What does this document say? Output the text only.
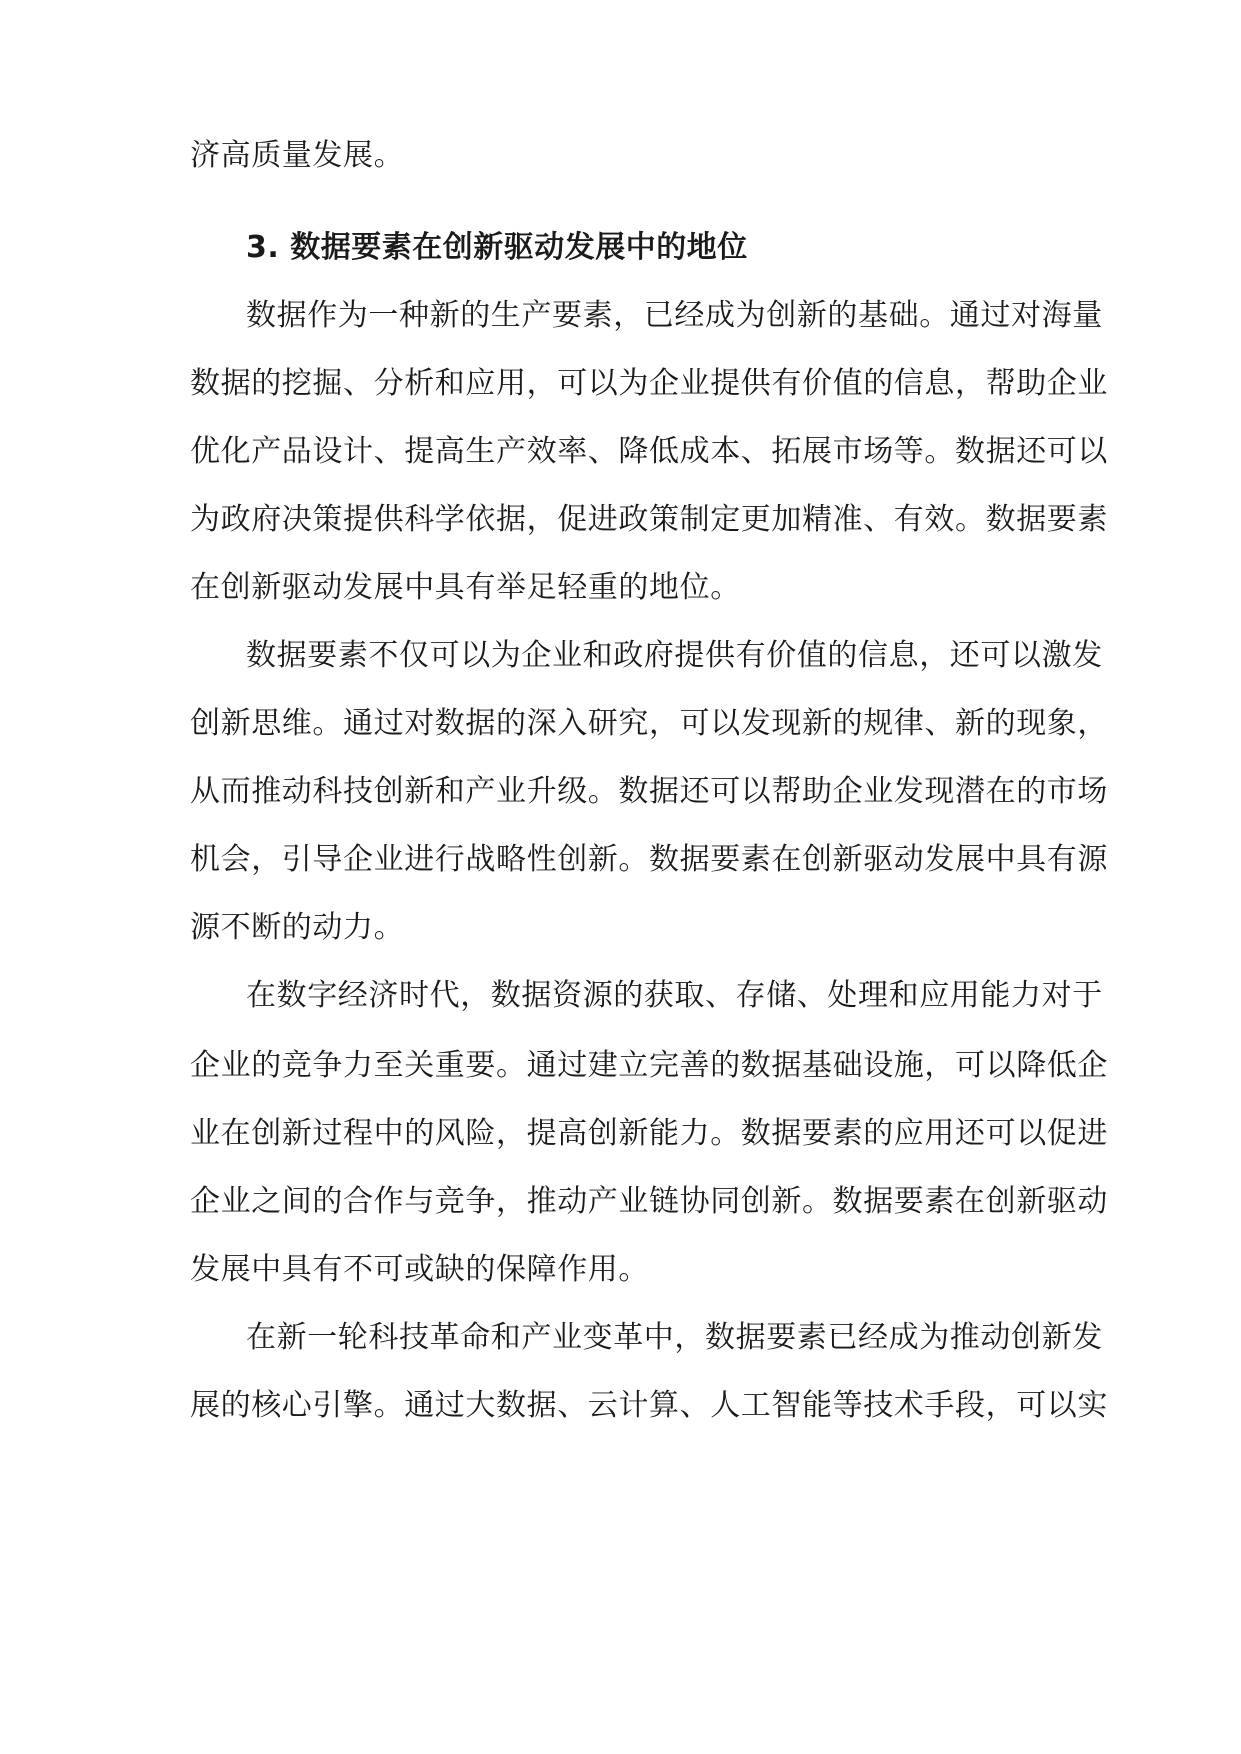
济高质量发展。
3. 数据要素在创新驱动发展中的地位
数据作为一种新的生产要素，已经成为创新的基础。通过对海量
数据的挖掘、分析和应用，可以为企业提供有价值的信息，帮助企业
优化产品设计、提高生产效率、降低成本、拓展市场等。数据还可以
为政府决策提供科学依据，促进政策制定更加精准、有效。数据要素
在创新驱动发展中具有举足轻重的地位。
数据要素不仅可以为企业和政府提供有价值的信息，还可以激发
创新思维。通过对数据的深入研究，可以发现新的规律、新的现象，
从而推动科技创新和产业升级。数据还可以帮助企业发现潜在的市场
机会，引导企业进行战略性创新。数据要素在创新驱动发展中具有源
源不断的动力。
在数字经济时代，数据资源的获取、存储、处理和应用能力对于
企业的竞争力至关重要。通过建立完善的数据基础设施，可以降低企
业在创新过程中的风险，提高创新能力。数据要素的应用还可以促进
企业之间的合作与竞争，推动产业链协同创新。数据要素在创新驱动
发展中具有不可或缺的保障作用。
在新一轮科技革命和产业变革中，数据要素已经成为推动创新发
展的核心引擎。通过大数据、云计算、人工智能等技术手段，可以实
